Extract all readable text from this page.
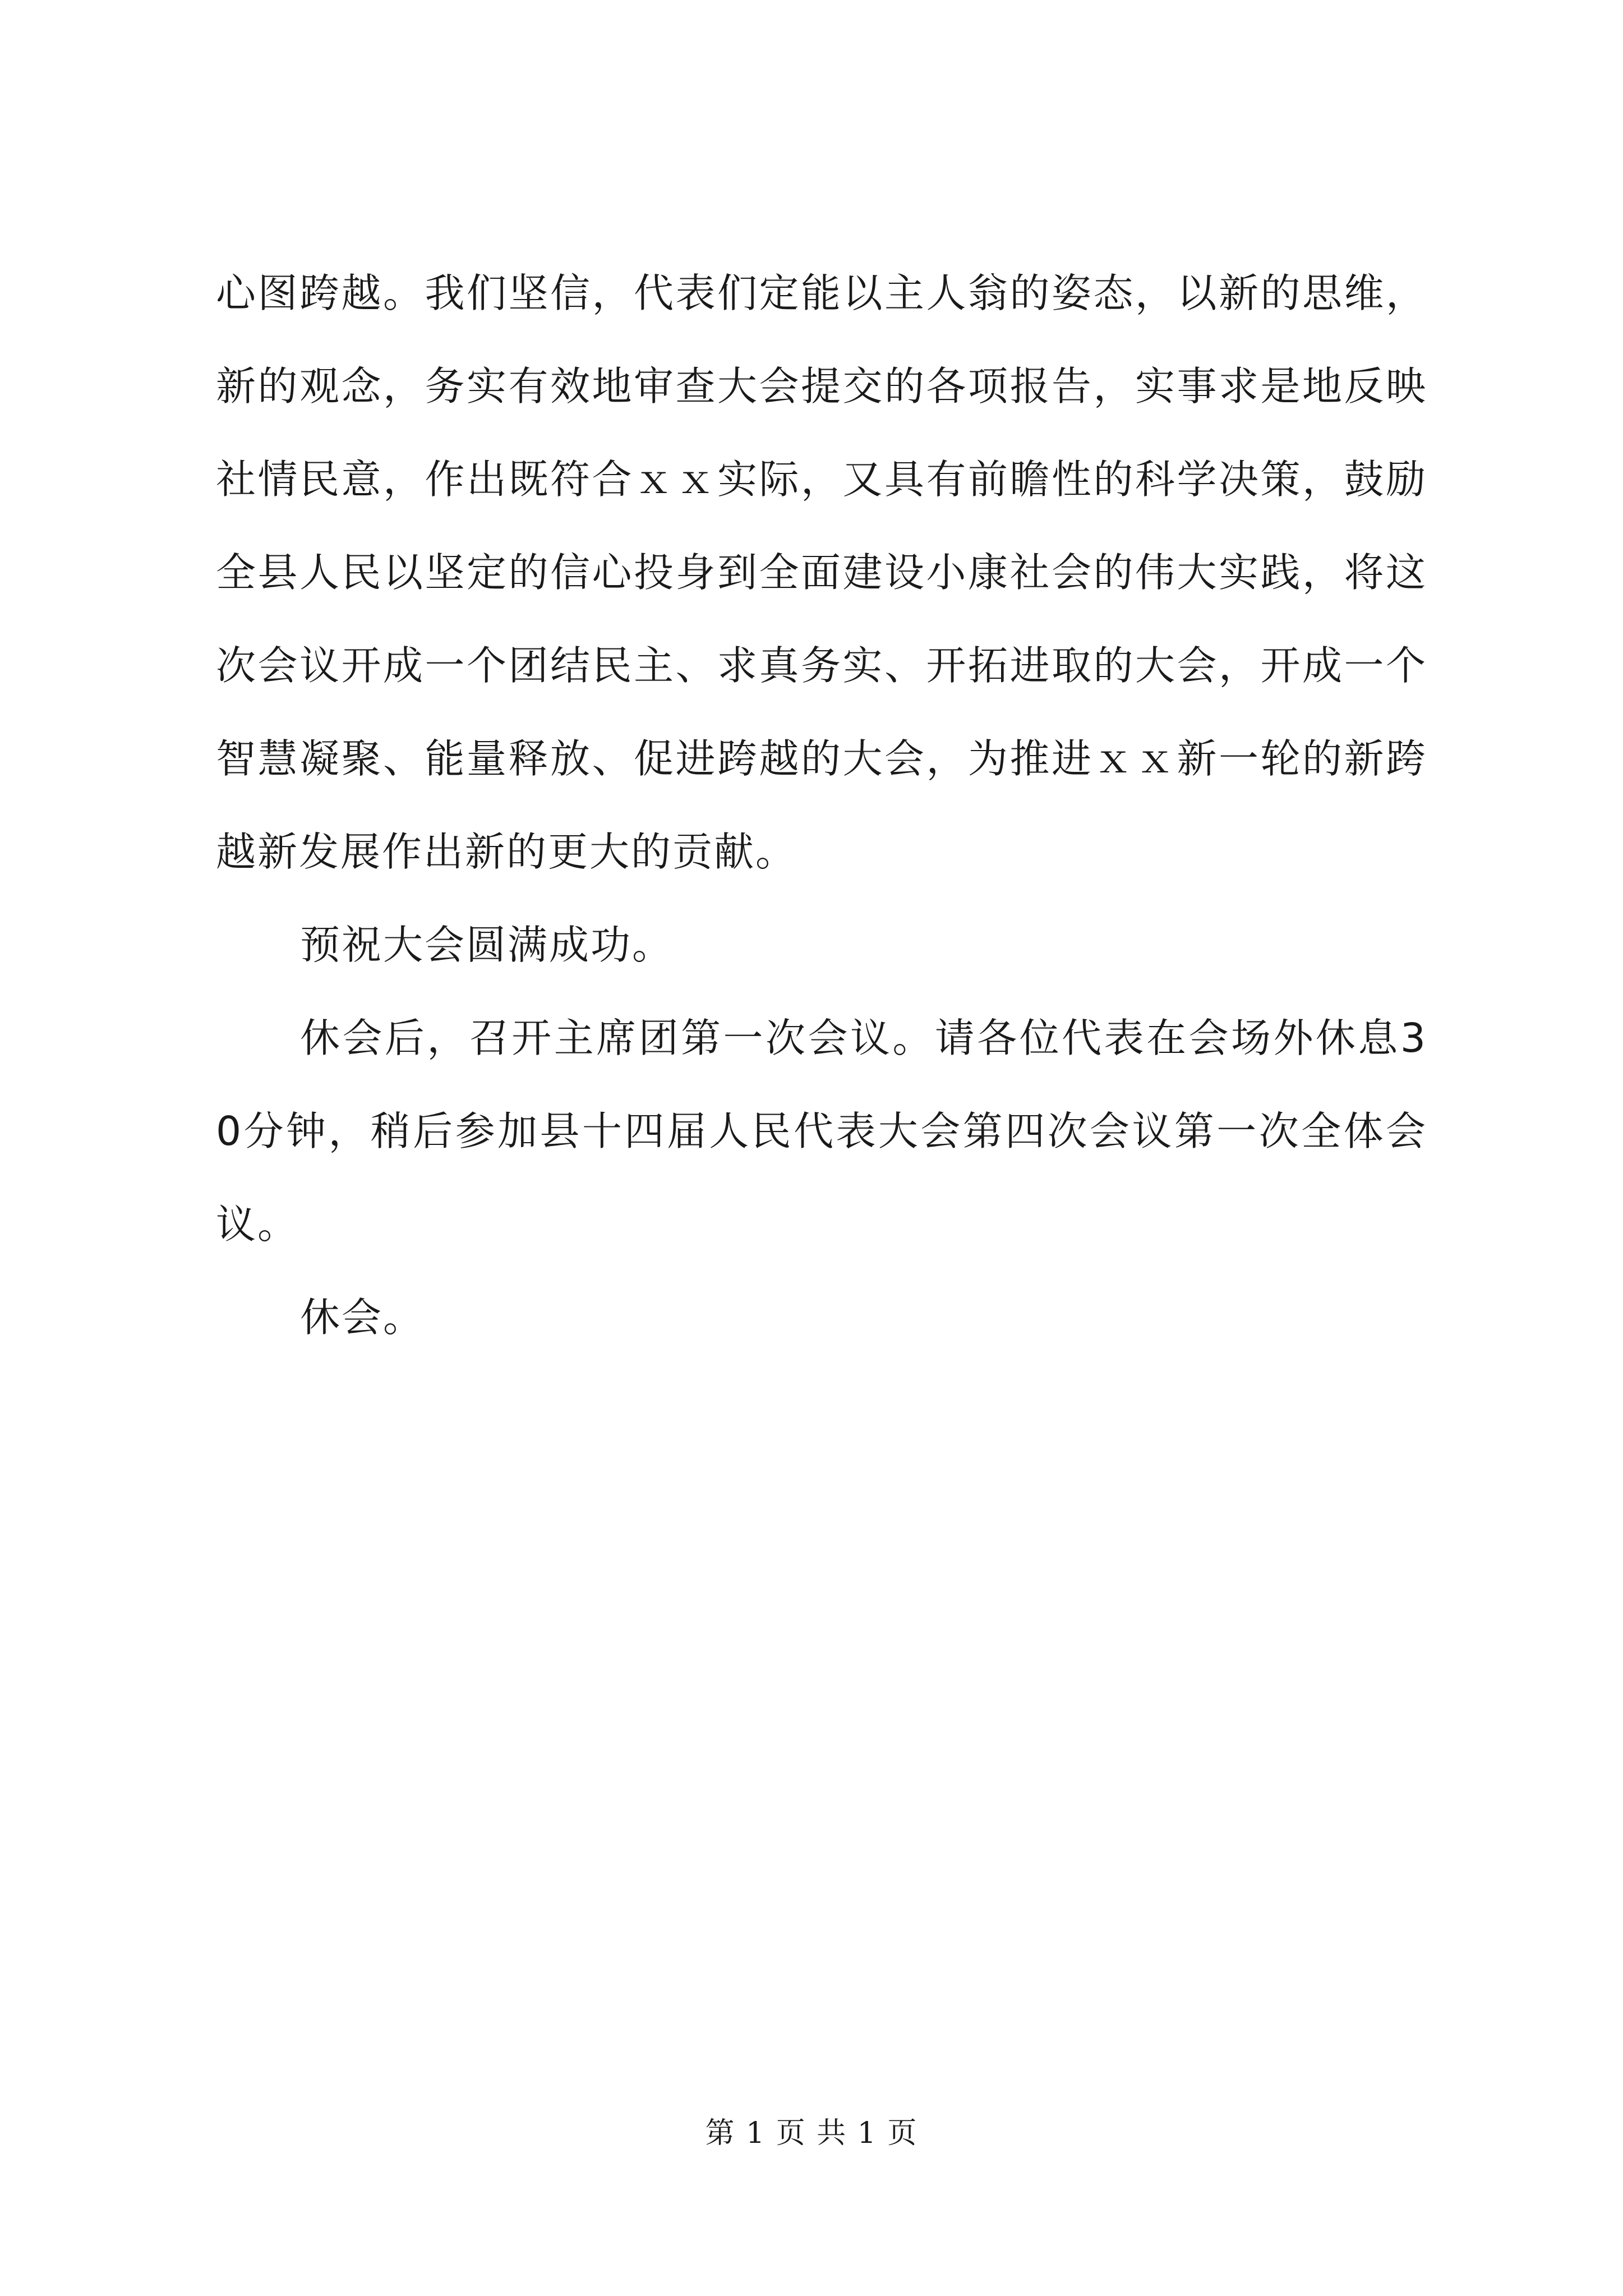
心图跨越。我们坚信，代表们定能以主人翁的姿态，以新的思维，新的观念，务实有效地审查大会提交的各项报告，实事求是地反映社情民意，作出既符合ｘｘ实际，又具有前瞻性的科学决策，鼓励全县人民以坚定的信心投身到全面建设小康社会的伟大实践，将这次会议开成一个团结民主、求真务实、开拓进取的大会，开成一个智慧凝聚、能量释放、促进跨越的大会，为推进ｘｘ新一轮的新跨越新发展作出新的更大的贡献。

预祝大会圆满成功。

休会后，召开主席团第一次会议。请各位代表在会场外休息30分钟，稍后参加县十四届人民代表大会第四次会议第一次全体会议。

休会。

第 1 页 共 1 页
